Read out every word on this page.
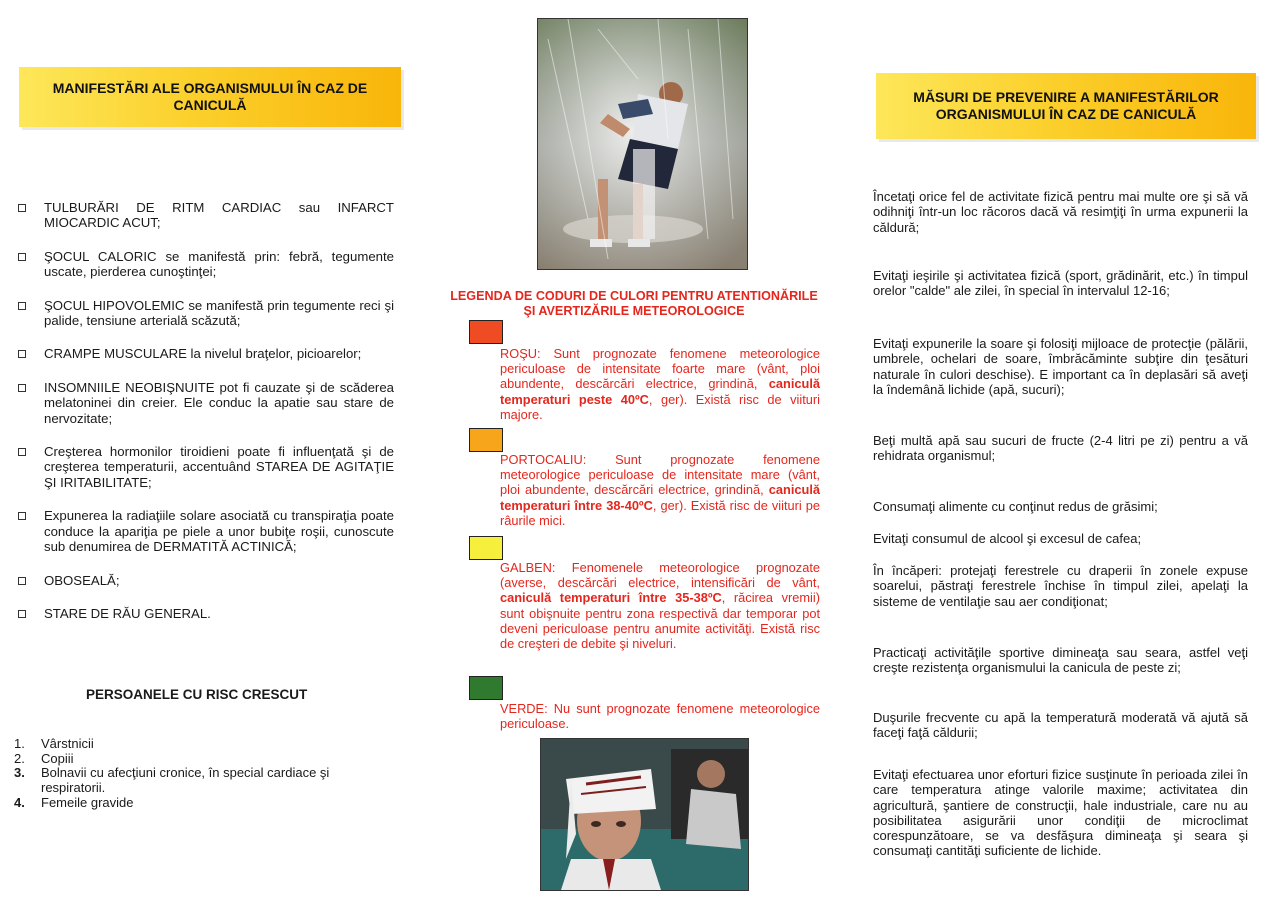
MANIFESTĂRI ALE ORGANISMULUI ÎN CAZ DE CANICULĂ
TULBURĂRI DE RITM CARDIAC sau INFARCT MIOCARDIC ACUT;
ŞOCUL CALORIC se manifestă prin: febră, tegumente uscate, pierderea cunoştinţei;
ŞOCUL HIPOVOLEMIC se manifestă prin tegumente reci şi palide, tensiune arterială scăzută;
CRAMPE MUSCULARE la nivelul braţelor, picioarelor;
INSOMNIILE NEOBIŞNUITE pot fi cauzate şi de scăderea melatoninei din creier. Ele conduc la apatie sau stare de nervozitate;
Creşterea hormonilor tiroidieni poate fi influenţată şi de creşterea temperaturii, accentuând STAREA DE AGITAŢIE ŞI IRITABILITATE;
Expunerea la radiaţiile solare asociată cu transpiraţia poate conduce la apariţia pe piele a unor bubiţe roşii, cunoscute sub denumirea de DERMATITĂ ACTINICĂ;
OBOSEALĂ;
STARE DE RĂU GENERAL.
PERSOANELE CU RISC CRESCUT
1. Vârstnicii
2. Copiii
3. Bolnavii cu afecţiuni cronice, în special cardiace şi respiratorii.
4. Femeile gravide
LEGENDA DE CODURI DE CULORI PENTRU ATENTIONĂRILE ŞI AVERTIZĂRILE METEOROLOGICE
ROŞU: Sunt prognozate fenomene meteorologice periculoase de intensitate foarte mare (vânt, ploi abundente, descărcări electrice, grindină, caniculă temperaturi peste 40ºC, ger). Există risc de viituri majore.
PORTOCALIU: Sunt prognozate fenomene meteorologice periculoase de intensitate mare (vânt, ploi abundente, descărcări electrice, grindină, caniculă temperaturi între 38-40ºC, ger). Există risc de viituri pe râurile mici.
GALBEN: Fenomenele meteorologice prognozate (averse, descărcări electrice, intensificări de vânt, caniculă temperaturi între 35-38ºC, răcirea vremii) sunt obişnuite pentru zona respectivă dar temporar pot deveni periculoase pentru anumite activităţi. Există risc de creşteri de debite şi niveluri.
VERDE: Nu sunt prognozate fenomene meteorologice periculoase.
MĂSURI DE PREVENIRE A MANIFESTĂRILOR ORGANISMULUI ÎN CAZ DE CANICULĂ
Încetaţi orice fel de activitate fizică pentru mai multe ore şi să vă odihniţi într-un loc răcoros dacă vă resimţiţi în urma expunerii la căldură;
Evitaţi ieşirile şi activitatea fizică (sport, grădinărit, etc.) în timpul orelor "calde" ale zilei, în special în intervalul 12-16;
Evitaţi expunerile la soare şi folosiţi mijloace de protecţie (pălării, umbrele, ochelari de soare, îmbrăcăminte subţire din ţesături naturale în culori deschise). E important ca în deplasări să aveţi la îndemână lichide (apă, sucuri);
Beţi multă apă sau sucuri de fructe (2-4 litri pe zi) pentru a vă rehidrata organismul;
Consumaţi alimente cu conţinut redus de grăsimi;
Evitaţi consumul de alcool şi excesul de cafea;
În încăperi: protejaţi ferestrele cu draperii în zonele expuse soarelui, păstraţi ferestrele închise în timpul zilei, apelaţi la sisteme de ventilaţie sau aer condiţionat;
Practicaţi activităţile sportive dimineaţa sau seara, astfel veţi creşte rezistenţa organismului la canicula de peste zi;
Duşurile frecvente cu apă la temperatură moderată vă ajută să faceţi faţă căldurii;
Evitaţi efectuarea unor eforturi fizice susţinute în perioada zilei în care temperatura atinge valorile maxime; activitatea din agricultură, şantiere de construcţii, hale industriale, care nu au posibilitatea asigurării unor condiţii de microclimat corespunzătoare, se va desfăşura dimineaţa şi seara şi consumaţi cantităţi suficiente de lichide.
